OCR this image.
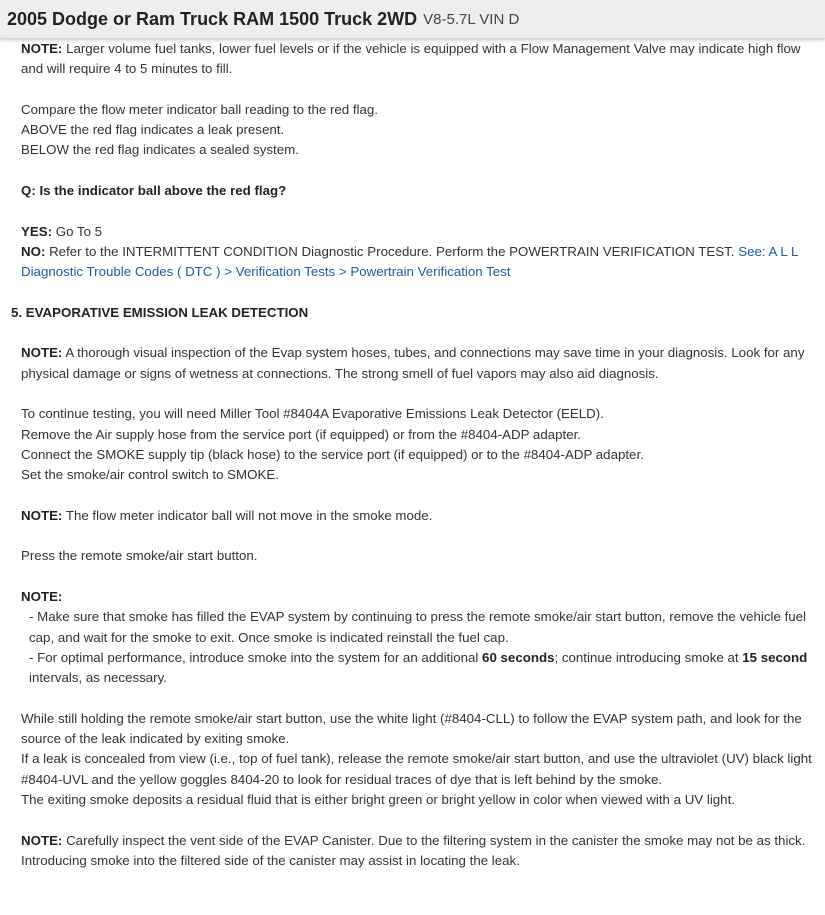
2005 Dodge or Ram Truck RAM 1500 Truck 2WD V8-5.7L VIN D

NOTE: Larger volume fuel tanks, lower fuel levels or if the vehicle is equipped with a Flow Management Valve may indicate high flow and will require 4 to 5 minutes to fill.

Compare the flow meter indicator ball reading to the red flag.

ABOVE the red flag indicates a leak present.

BELOW the red flag indicates a sealed system.

Q: Is the indicator ball above the red flag?

YES: Go To 5

NO: Refer to the INTERMITTENT CONDITION Diagnostic Procedure. Perform the POWERTRAIN VERIFICATION TEST. See: A L L Diagnostic Trouble Codes ( DTC ) > Verification Tests > Powertrain Verification Test

5. EVAPORATIVE EMISSION LEAK DETECTION

NOTE: A thorough visual inspection of the Evap system hoses, tubes, and connections may save time in your diagnosis. Look for any physical damage or signs of wetness at connections. The strong smell of fuel vapors may also aid diagnosis.

To continue testing, you will need Miller Tool #8404A Evaporative Emissions Leak Detector (EELD).

Remove the Air supply hose from the service port (if equipped) or from the #8404-ADP adapter.

Connect the SMOKE supply tip (black hose) to the service port (if equipped) or to the #8404-ADP adapter.

Set the smoke/air control switch to SMOKE.

NOTE: The flow meter indicator ball will not move in the smoke mode.

Press the remote smoke/air start button.

NOTE:

- Make sure that smoke has filled the EVAP system by continuing to press the remote smoke/air start button, remove the vehicle fuel cap, and wait for the smoke to exit. Once smoke is indicated reinstall the fuel cap.

- For optimal performance, introduce smoke into the system for an additional 60 seconds; continue introducing smoke at 15 second intervals, as necessary.

While still holding the remote smoke/air start button, use the white light (#8404-CLL) to follow the EVAP system path, and look for the source of the leak indicated by exiting smoke.

If a leak is concealed from view (i.e., top of fuel tank), release the remote smoke/air start button, and use the ultraviolet (UV) black light #8404-UVL and the yellow goggles 8404-20 to look for residual traces of dye that is left behind by the smoke.

The exiting smoke deposits a residual fluid that is either bright green or bright yellow in color when viewed with a UV light.

NOTE: Carefully inspect the vent side of the EVAP Canister. Due to the filtering system in the canister the smoke may not be as thick. Introducing smoke into the filtered side of the canister may assist in locating the leak.
